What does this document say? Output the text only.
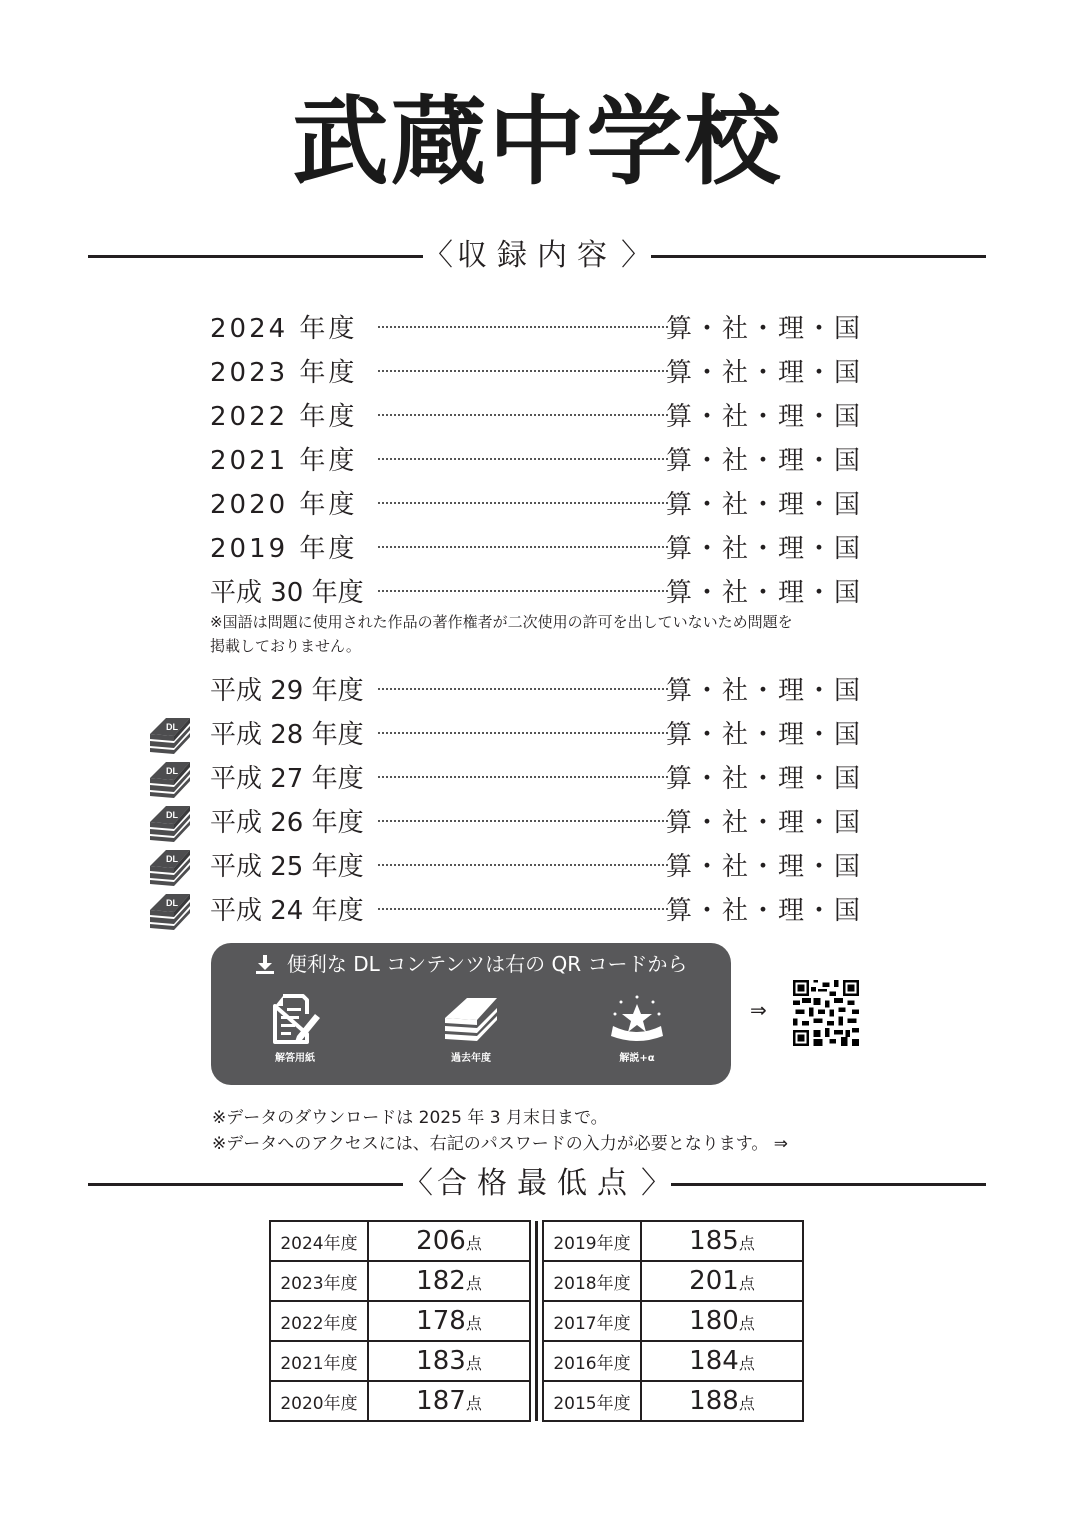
武蔵中学校
〈 収録内容 〉
2024 年度	算・社・理・国
2023 年度	算・社・理・国
2022 年度	算・社・理・国
2021 年度	算・社・理・国
2020 年度	算・社・理・国
2019 年度	算・社・理・国
平成 30 年度	算・社・理・国
※国語は問題に使用された作品の著作権者が二次使用の許可を出していないため問題を
掲載しておりません。
平成 29 年度	算・社・理・国
DL 平成 28 年度	算・社・理・国
DL 平成 27 年度	算・社・理・国
DL 平成 26 年度	算・社・理・国
DL 平成 25 年度	算・社・理・国
DL 平成 24 年度	算・社・理・国
便利な DL コンテンツは右の QR コードから
解答用紙	過去年度	解説+α
⇒
※データのダウンロードは 2025 年 3 月末日まで。
※データへのアクセスには、右記のパスワードの入力が必要となります。 ⇒
〈 合格最低点 〉
2024年度	206点			2019年度	185点
2023年度	182点			2018年度	201点
2022年度	178点			2017年度	180点
2021年度	183点			2016年度	184点
2020年度	187点			2015年度	188点
